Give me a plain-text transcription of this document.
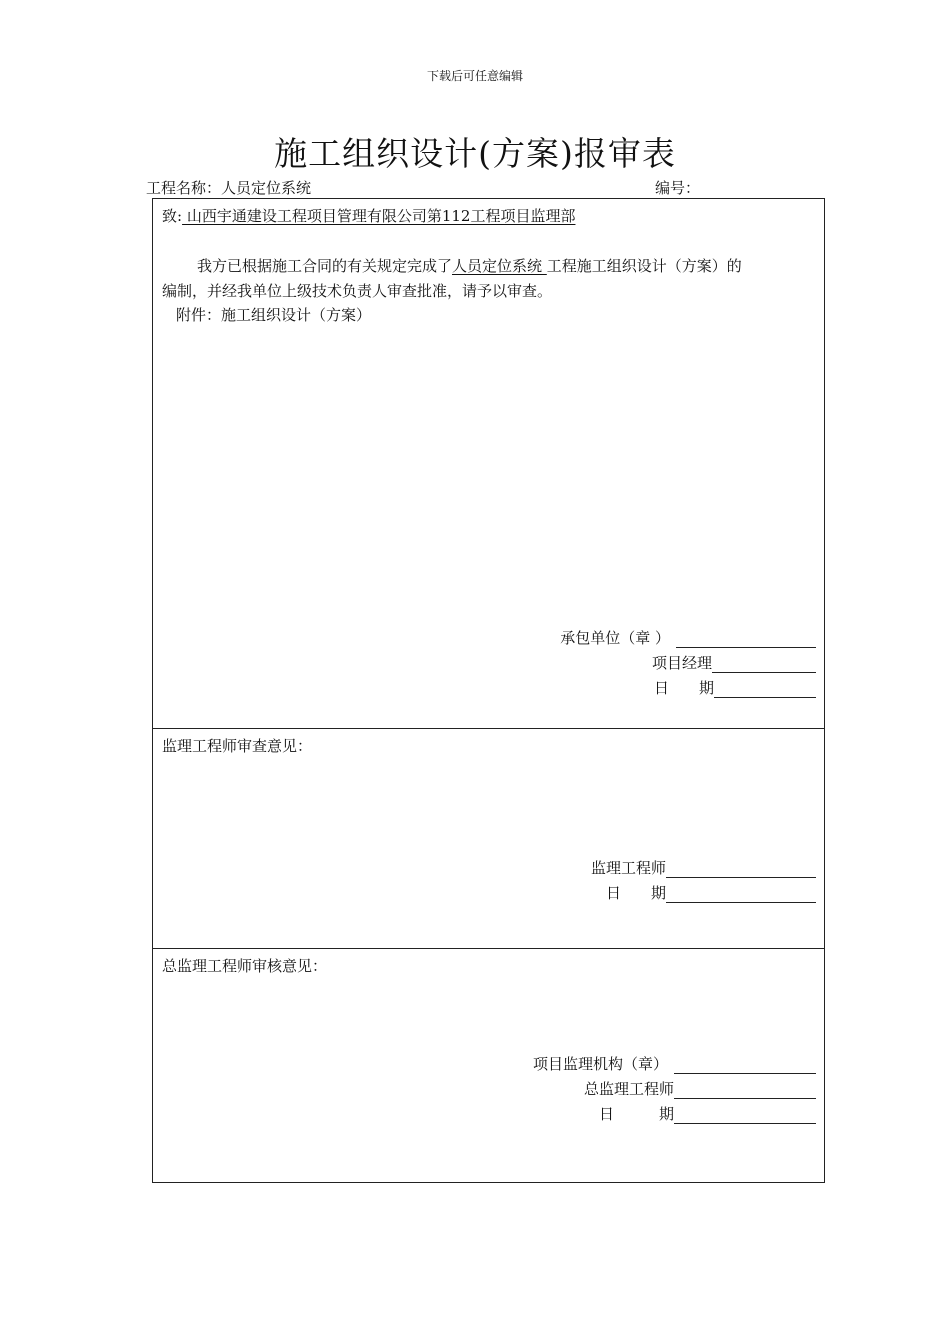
下载后可任意编辑
施工组织设计(方案)报审表
工程名称：人员定位系统	编号：
致: 山西宇通建设工程项目管理有限公司第112工程项目监理部
我方已根据施工合同的有关规定完成了人员定位系统 工程施工组织设计（方案）的
编制，并经我单位上级技术负责人审查批准，请予以审查。
附件：施工组织设计（方案）
承包单位（章 ）
项目经理
日　　期
监理工程师审查意见：
监理工程师
日　　期
总监理工程师审核意见：
项目监理机构（章）
总监理工程师
日　　　期
